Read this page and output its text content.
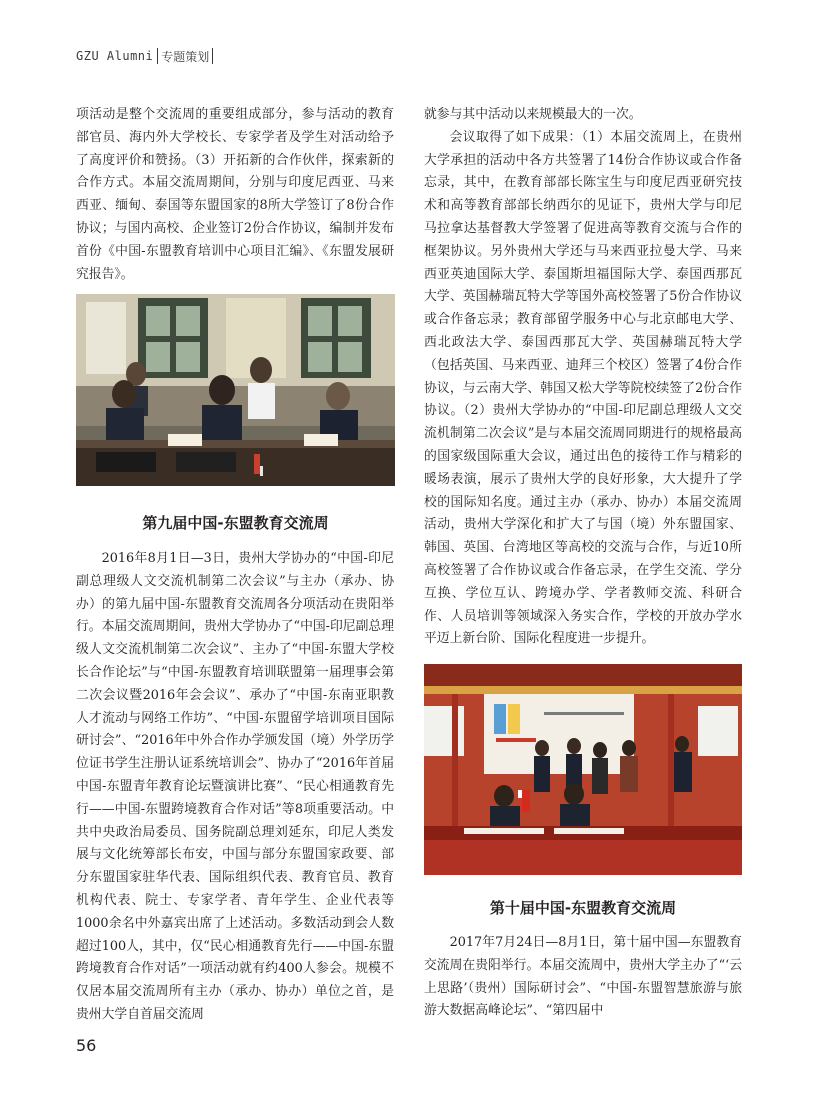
GZU Alumni 专题策划

项活动是整个交流周的重要组成部分，参与活动的教育部官员、海内外大学校长、专家学者及学生对活动给予了高度评价和赞扬。（3）开拓新的合作伙伴，探索新的合作方式。本届交流周期间，分别与印度尼西亚、马来西亚、缅甸、泰国等东盟国家的8所大学签订了8份合作协议；与国内高校、企业签订2份合作协议，编制并发布首份《中国-东盟教育培训中心项目汇编》、《东盟发展研究报告》。

第九届中国-东盟教育交流周

2016年8月1日—3日，贵州大学协办的“中国-印尼副总理级人文交流机制第二次会议”与主办（承办、协办）的第九届中国-东盟教育交流周各分项活动在贵阳举行。本届交流周期间，贵州大学协办了“中国-印尼副总理级人文交流机制第二次会议”、主办了“中国-东盟大学校长合作论坛”与“中国-东盟教育培训联盟第一届理事会第二次会议暨2016年会会议”、承办了“中国-东南亚职教人才流动与网络工作坊”、“中国-东盟留学培训项目国际研讨会”、“2016年中外合作办学颁发国（境）外学历学位证书学生注册认证系统培训会”、协办了“2016年首届中国-东盟青年教育论坛暨演讲比赛”、“民心相通教育先行——中国-东盟跨境教育合作对话”等8项重要活动。中共中央政治局委员、国务院副总理刘延东，印尼人类发展与文化统筹部长布安，中国与部分东盟国家政要、部分东盟国家驻华代表、国际组织代表、教育官员、教育机构代表、院士、专家学者、青年学生、企业代表等1000余名中外嘉宾出席了上述活动。多数活动到会人数超过100人，其中，仅“民心相通教育先行——中国-东盟跨境教育合作对话”一项活动就有约400人参会。规模不仅居本届交流周所有主办（承办、协办）单位之首，是贵州大学自首届交流周

就参与其中活动以来规模最大的一次。

会议取得了如下成果：（1）本届交流周上，在贵州大学承担的活动中各方共签署了14份合作协议或合作备忘录，其中，在教育部部长陈宝生与印度尼西亚研究技术和高等教育部部长纳西尔的见证下，贵州大学与印尼马拉拿达基督教大学签署了促进高等教育交流与合作的框架协议。另外贵州大学还与马来西亚拉曼大学、马来西亚英迪国际大学、泰国斯坦福国际大学、泰国西那瓦大学、英国赫瑞瓦特大学等国外高校签署了5份合作协议或合作备忘录；教育部留学服务中心与北京邮电大学、西北政法大学、泰国西那瓦大学、英国赫瑞瓦特大学（包括英国、马来西亚、迪拜三个校区）签署了4份合作协议，与云南大学、韩国又松大学等院校续签了2份合作协议。（2）贵州大学协办的“中国-印尼副总理级人文交流机制第二次会议”是与本届交流周同期进行的规格最高的国家级国际重大会议，通过出色的接待工作与精彩的暖场表演，展示了贵州大学的良好形象，大大提升了学校的国际知名度。通过主办（承办、协办）本届交流周活动，贵州大学深化和扩大了与国（境）外东盟国家、韩国、英国、台湾地区等高校的交流与合作，与近10所高校签署了合作协议或合作备忘录，在学生交流、学分互换、学位互认、跨境办学、学者教师交流、科研合作、人员培训等领域深入务实合作，学校的开放办学水平迈上新台阶、国际化程度进一步提升。

第十届中国-东盟教育交流周

2017年7月24日—8月1日，第十届中国—东盟教育交流周在贵阳举行。本届交流周中，贵州大学主办了“‘云上思路’（贵州）国际研讨会”、“中国-东盟智慧旅游与旅游大数据高峰论坛”、“第四届中

56
